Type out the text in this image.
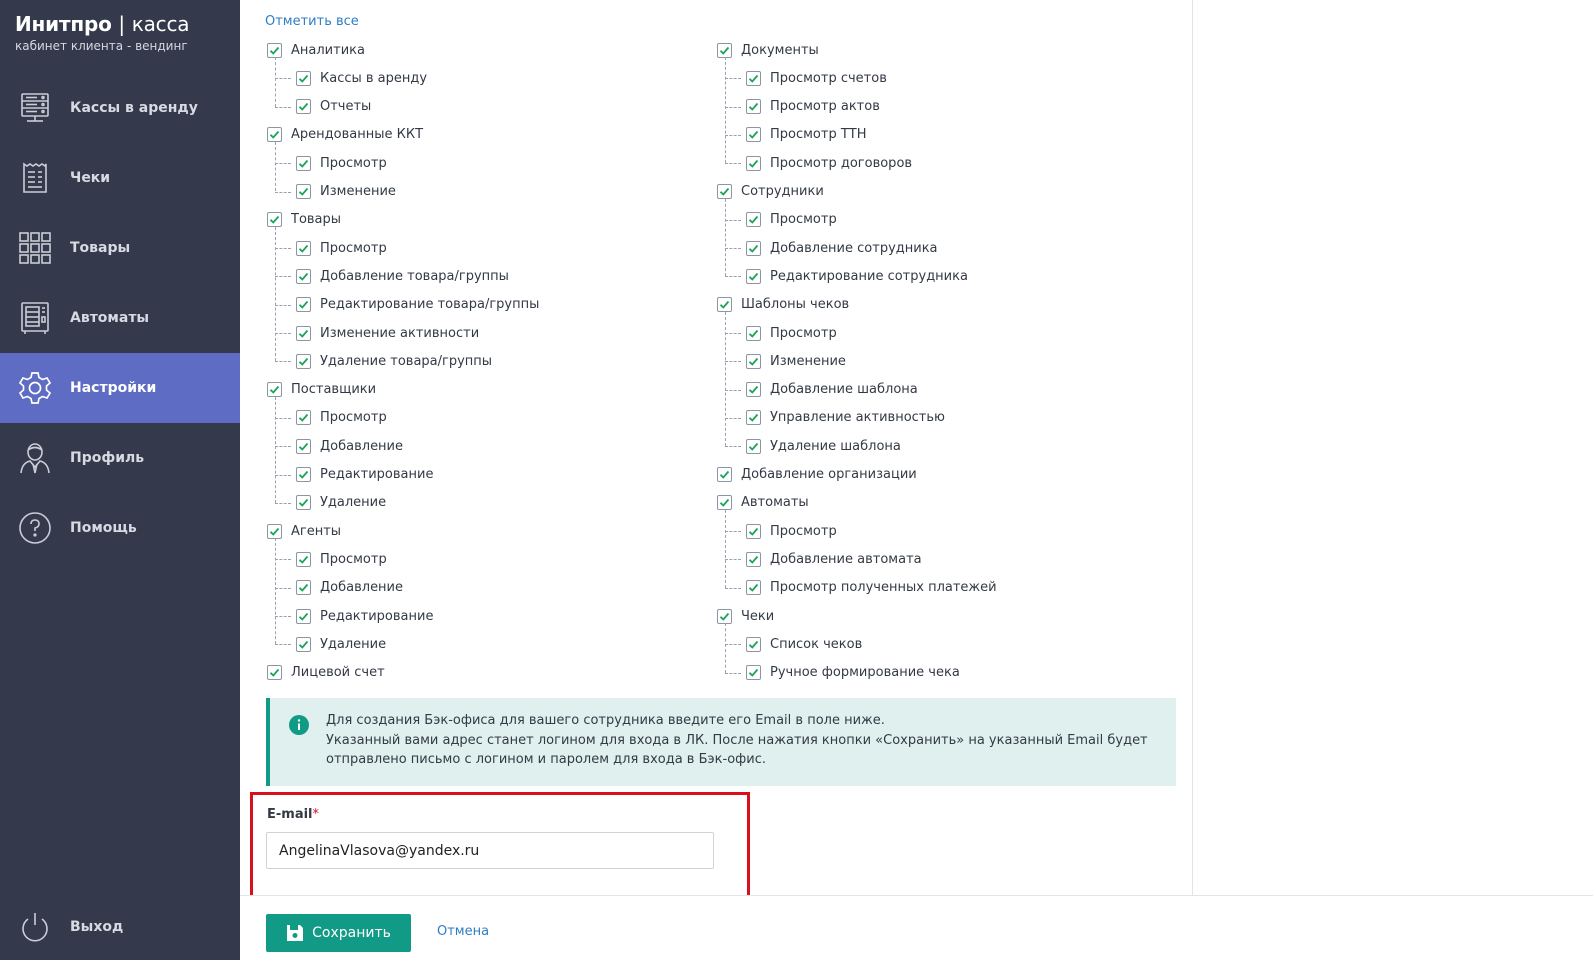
Инитпро | касса
кабинет клиента - вендинг
Кассы в аренду
Чеки
Товары
Автоматы
Настройки
Профиль
Помощь
Выход
Отметить все
Аналитика
Кассы в аренду
Отчеты
Арендованные ККТ
Просмотр
Изменение
Товары
Просмотр
Добавление товара/группы
Редактирование товара/группы
Изменение активности
Удаление товара/группы
Поставщики
Просмотр
Добавление
Редактирование
Удаление
Агенты
Просмотр
Добавление
Редактирование
Удаление
Лицевой счет
Документы
Просмотр счетов
Просмотр актов
Просмотр ТТН
Просмотр договоров
Сотрудники
Просмотр
Добавление сотрудника
Редактирование сотрудника
Шаблоны чеков
Просмотр
Изменение
Добавление шаблона
Управление активностью
Удаление шаблона
Добавление организации
Автоматы
Просмотр
Добавление автомата
Просмотр полученных платежей
Чеки
Список чеков
Ручное формирование чека
Для создания Бэк-офиса для вашего сотрудника введите его Email в поле ниже.
Указанный вами адрес станет логином для входа в ЛК. После нажатия кнопки «Сохранить» на указанный Email будет
отправлено письмо с логином и паролем для входа в Бэк-офис.
E-mail*
AngelinaVlasova@yandex.ru
Сохранить	Отмена
